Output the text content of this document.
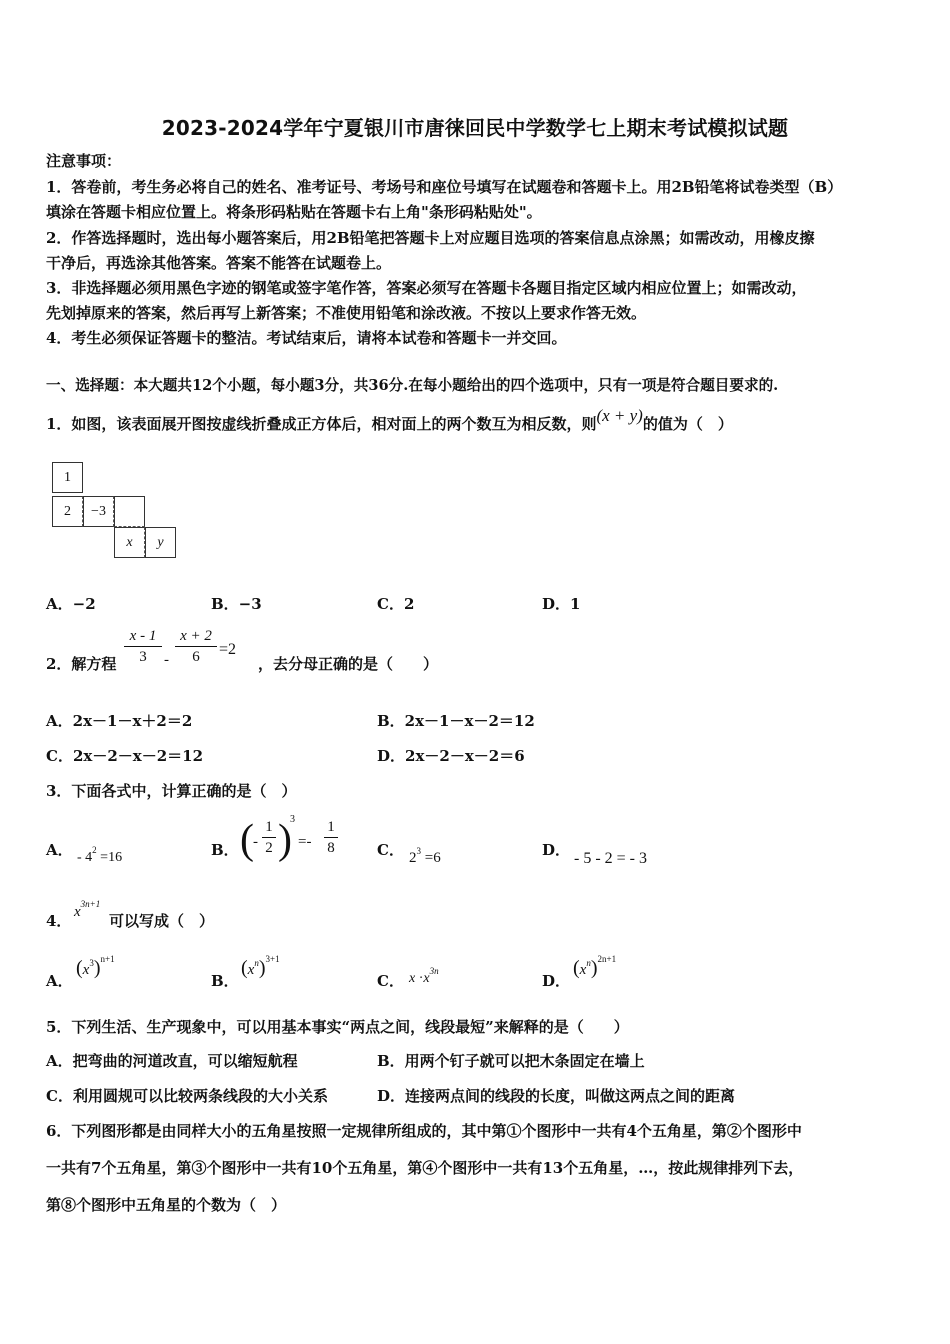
2023-2024学年宁夏银川市唐徕回民中学数学七上期末考试模拟试题
注意事项：
1．答卷前，考生务必将自己的姓名、准考证号、考场号和座位号填写在试题卷和答题卡上。用2B铅笔将试卷类型（B）
填涂在答题卡相应位置上。将条形码粘贴在答题卡右上角"条形码粘贴处"。
2．作答选择题时，选出每小题答案后，用2B铅笔把答题卡上对应题目选项的答案信息点涂黑；如需改动，用橡皮擦
干净后，再选涂其他答案。答案不能答在试题卷上。
3．非选择题必须用黑色字迹的钢笔或签字笔作答，答案必须写在答题卡各题目指定区域内相应位置上；如需改动，
先划掉原来的答案，然后再写上新答案；不准使用铅笔和涂改液。不按以上要求作答无效。
4．考生必须保证答题卡的整洁。考试结束后，请将本试卷和答题卡一并交回。
一、选择题：本大题共12个小题，每小题3分，共36分.在每小题给出的四个选项中，只有一项是符合题目要求的.
1．如图，该表面展开图按虚线折叠成正方体后，相对面上的两个数互为相反数，则(x + y)的值为（　）
1
2	−3
x	y
A．−2	B．−3	C．2	D．1
2．解方程
x - 1
3	-
x + 2
6	=2
，去分母正确的是（　　）
A．2x－1－x＋2＝2	B．2x－1－x－2＝12
C．2x－2－x－2＝12	D．2x－2－x－2＝6
3．下面各式中，计算正确的是（　）
A． - $4^2 =16$	B． ( -
1
2 )
3
=-
1
8	C． $2^3 =6$	D． - 5 - 2 = - 3
4． $x^{3n+1}$
可以写成（　）
A．
$(x^3)^{n+1}$
B．
$(x^n)^{3+1}$
C． $x \cdot x^{3n}$
D．
$(x^n)^{2n+1}$
5．下列生活、生产现象中，可以用基本事实“两点之间，线段最短”来解释的是（　　）
A．把弯曲的河道改直，可以缩短航程	B．用两个钉子就可以把木条固定在墙上
C．利用圆规可以比较两条线段的大小关系	D．连接两点间的线段的长度，叫做这两点之间的距离
6．下列图形都是由同样大小的五角星按照一定规律所组成的，其中第①个图形中一共有4个五角星，第②个图形中
一共有7个五角星，第③个图形中一共有10个五角星，第④个图形中一共有13个五角星，…，按此规律排列下去，
第⑧个图形中五角星的个数为（　）
